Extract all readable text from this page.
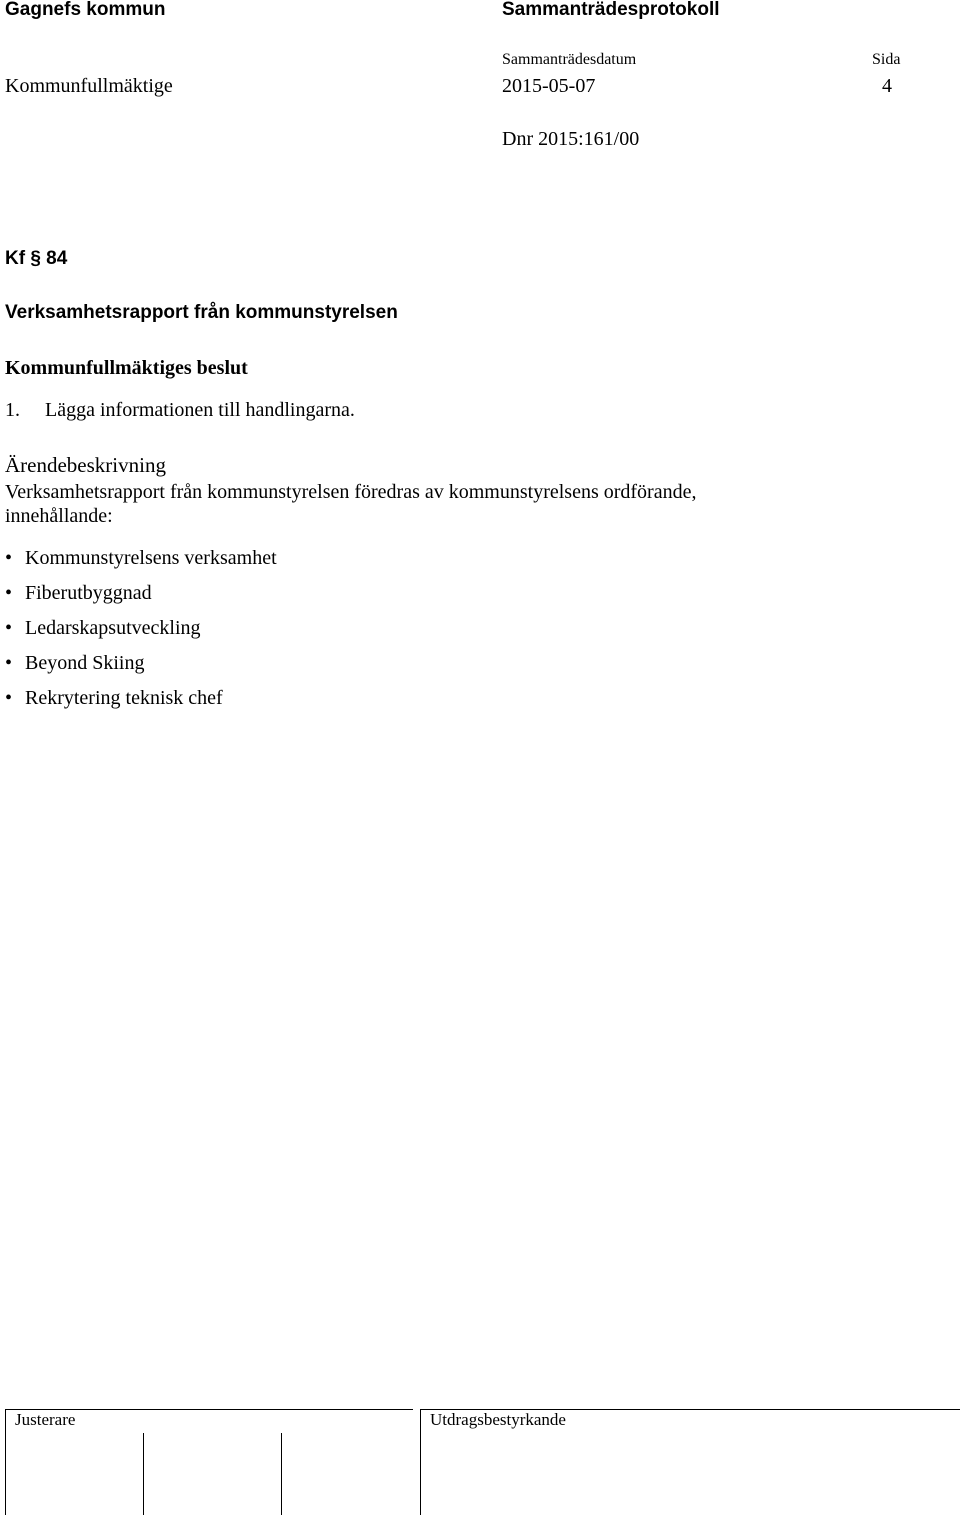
Gagnefs kommun	Sammanträdesprotokoll
Sammanträdesdatum	Sida
Kommunfullmäktige	2015-05-07	4
Dnr 2015:161/00
Kf § 84
Verksamhetsrapport från kommunstyrelsen
Kommunfullmäktiges beslut
1. Lägga informationen till handlingarna.
Ärendebeskrivning
Verksamhetsrapport från kommunstyrelsen föredras av kommunstyrelsens ordförande, innehållande:
• Kommunstyrelsens verksamhet
• Fiberutbyggnad
• Ledarskapsutveckling
• Beyond Skiing
• Rekrytering teknisk chef
Justerare	Utdragsbestyrkande
